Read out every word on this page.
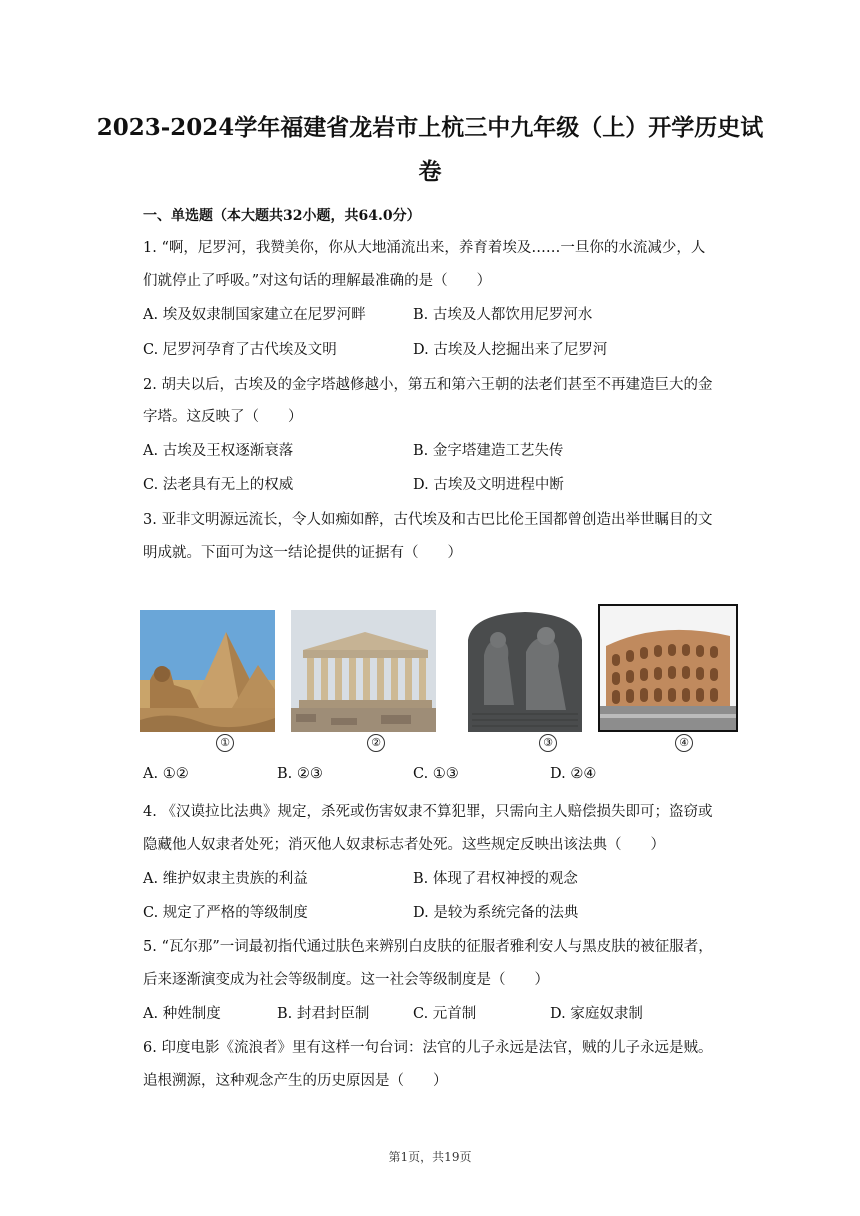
2023-2024学年福建省龙岩市上杭三中九年级（上）开学历史试
卷
一、单选题（本大题共32小题，共64.0分）
1. “啊，尼罗河，我赞美你，你从大地涌流出来，养育着埃及……一旦你的水流减少，人
们就停止了呼吸。”对这句话的理解最准确的是（　　）
A. 埃及奴隶制国家建立在尼罗河畔	B. 古埃及人都饮用尼罗河水
C. 尼罗河孕育了古代埃及文明	D. 古埃及人挖掘出来了尼罗河
2. 胡夫以后，古埃及的金字塔越修越小，第五和第六王朝的法老们甚至不再建造巨大的金
字塔。这反映了（　　）
A. 古埃及王权逐渐衰落	B. 金字塔建造工艺失传
C. 法老具有无上的权威	D. 古埃及文明进程中断
3. 亚非文明源远流长，令人如痴如醉，古代埃及和古巴比伦王国都曾创造出举世瞩目的文
明成就。下面可为这一结论提供的证据有（　　）
①	②	③	④
A. ①②	B. ②③	C. ①③	D. ②④
4. 《汉谟拉比法典》规定，杀死或伤害奴隶不算犯罪，只需向主人赔偿损失即可；盗窃或
隐藏他人奴隶者处死；消灭他人奴隶标志者处死。这些规定反映出该法典（　　）
A. 维护奴隶主贵族的利益	B. 体现了君权神授的观念
C. 规定了严格的等级制度	D. 是较为系统完备的法典
5. “瓦尔那”一词最初指代通过肤色来辨别白皮肤的征服者雅利安人与黑皮肤的被征服者，
后来逐渐演变成为社会等级制度。这一社会等级制度是（　　）
A. 种姓制度	B. 封君封臣制	C. 元首制	D. 家庭奴隶制
6. 印度电影《流浪者》里有这样一句台词：法官的儿子永远是法官，贼的儿子永远是贼。
追根溯源，这种观念产生的历史原因是（　　）
第1页，共19页
